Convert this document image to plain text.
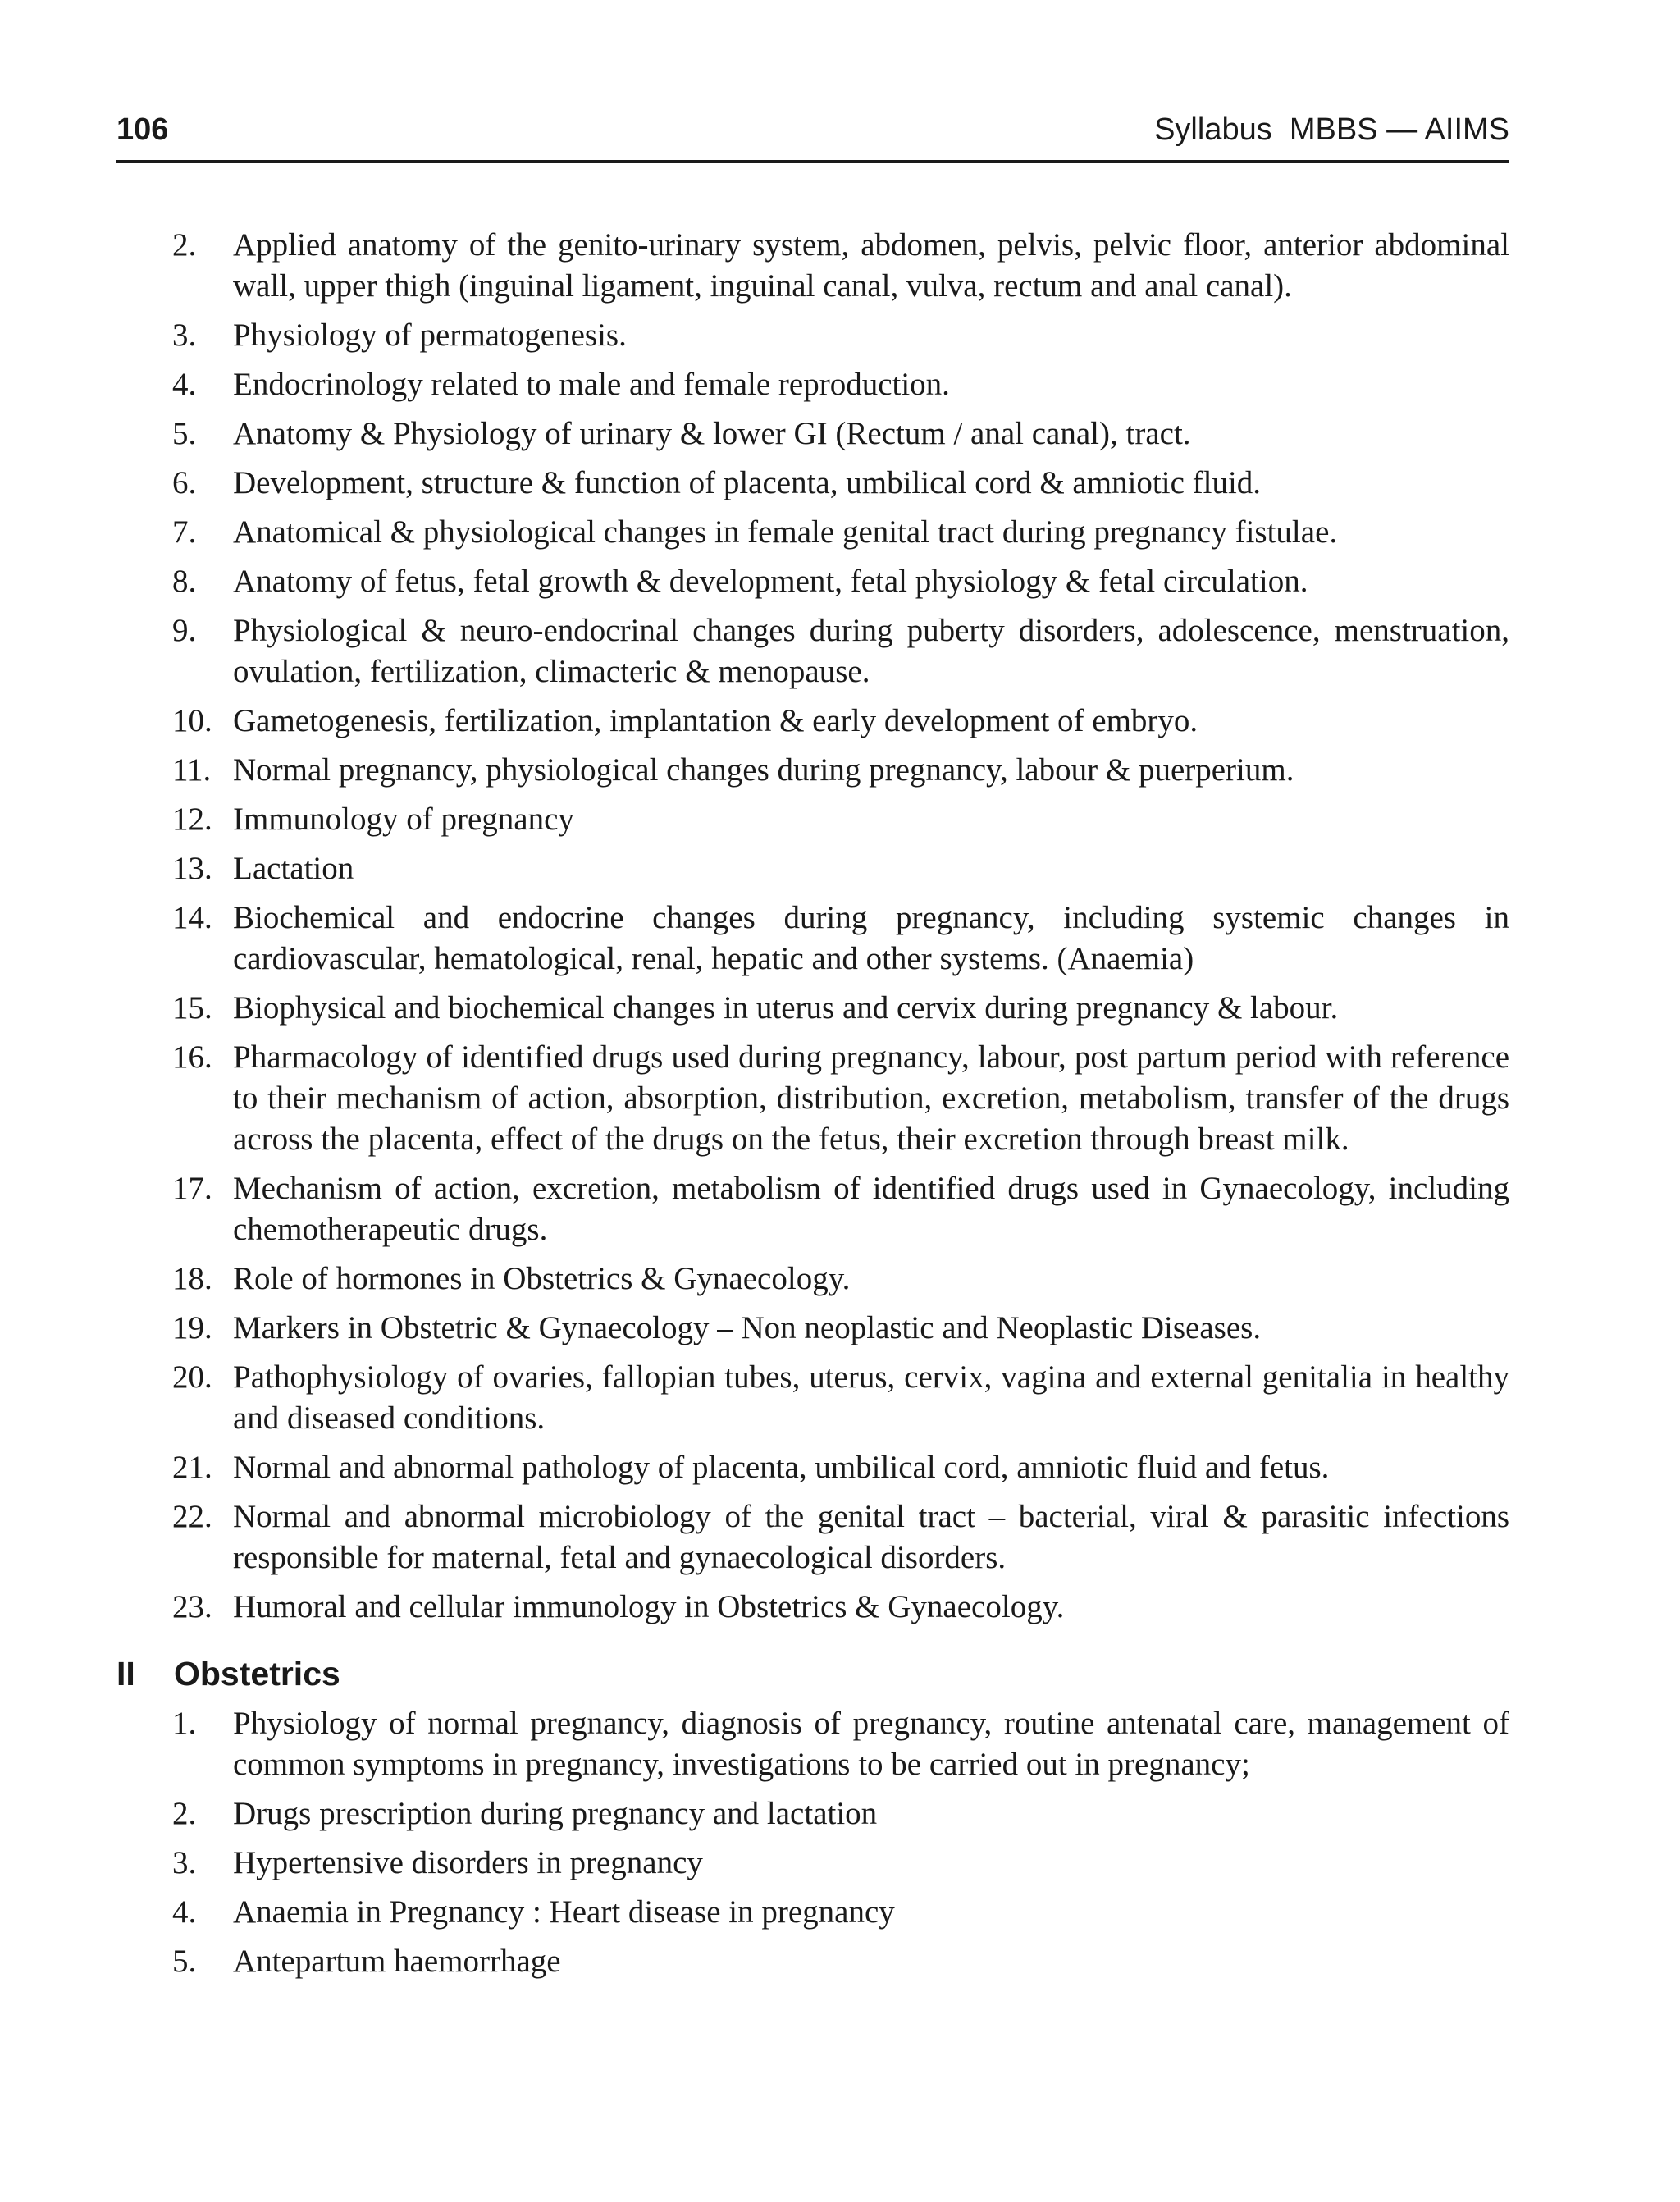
106	Syllabus  MBBS — AIIMS
2.	Applied anatomy of the genito-urinary system, abdomen, pelvis, pelvic floor, anterior abdominal wall, upper thigh (inguinal ligament, inguinal canal, vulva, rectum and anal canal).
3.	Physiology of permatogenesis.
4.	Endocrinology related to male and female reproduction.
5.	Anatomy & Physiology of urinary & lower GI (Rectum / anal canal), tract.
6.	Development, structure & function of placenta, umbilical cord & amniotic fluid.
7.	Anatomical & physiological changes in female genital tract during pregnancy fistulae.
8.	Anatomy of fetus, fetal growth & development, fetal physiology & fetal circulation.
9.	Physiological & neuro-endocrinal changes during puberty disorders, adolescence, menstruation, ovulation, fertilization, climacteric & menopause.
10. Gametogenesis, fertilization, implantation & early development of embryo.
11. Normal pregnancy, physiological changes during pregnancy, labour & puerperium.
12. Immunology of pregnancy
13. Lactation
14. Biochemical and endocrine changes during pregnancy, including systemic changes in cardiovascular, hematological, renal, hepatic and other systems. (Anaemia)
15. Biophysical and biochemical changes in uterus and cervix during pregnancy & labour.
16. Pharmacology of identified drugs used during pregnancy, labour, post partum period with reference to their mechanism of action, absorption, distribution, excretion, metabolism, transfer of the drugs across the placenta, effect of the drugs on the fetus, their excretion through breast milk.
17. Mechanism of action, excretion, metabolism of identified drugs used in Gynaecology, including chemotherapeutic drugs.
18. Role of hormones in Obstetrics & Gynaecology.
19. Markers in Obstetric & Gynaecology – Non neoplastic and Neoplastic Diseases.
20. Pathophysiology of ovaries, fallopian tubes, uterus, cervix, vagina and external genitalia in healthy and diseased conditions.
21. Normal and abnormal pathology of placenta, umbilical cord, amniotic fluid and fetus.
22. Normal and abnormal microbiology of the genital tract – bacterial, viral & parasitic infections responsible for maternal, fetal and gynaecological disorders.
23. Humoral and cellular immunology in Obstetrics & Gynaecology.
II Obstetrics
1.	Physiology of normal pregnancy, diagnosis of pregnancy, routine antenatal care, management of common symptoms in pregnancy, investigations to be carried out in pregnancy;
2.	Drugs prescription during pregnancy and lactation
3.	Hypertensive disorders in pregnancy
4.	Anaemia in Pregnancy : Heart disease in pregnancy
5.	Antepartum haemorrhage
